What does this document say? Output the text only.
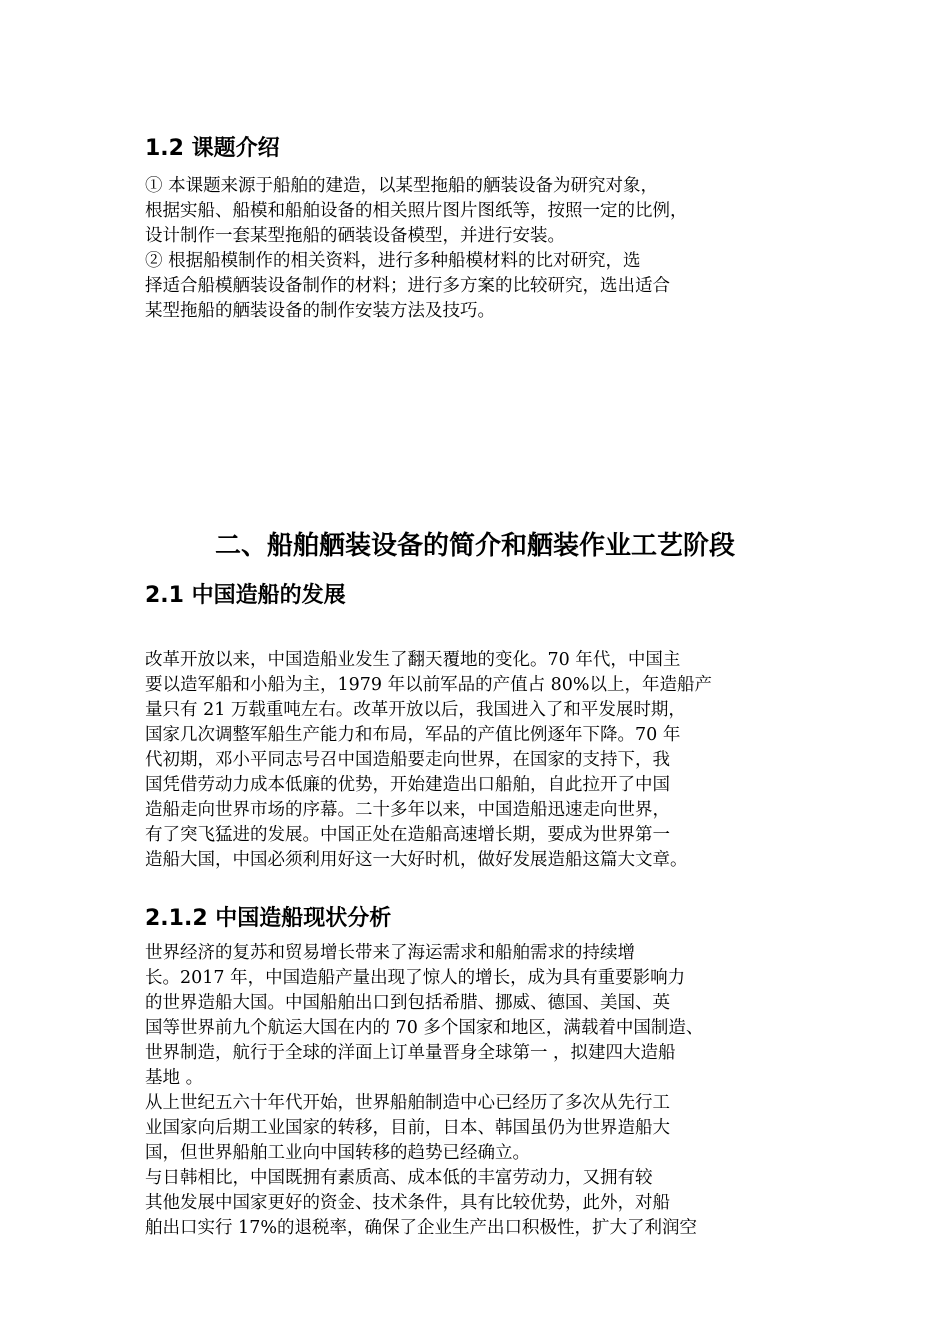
1.2 课题介绍
① 本课题来源于船舶的建造，以某型拖船的舾装设备为研究对象，
根据实船、船模和船舶设备的相关照片图片图纸等，按照一定的比例，
设计制作一套某型拖船的硒装设备模型，并进行安装。
② 根据船模制作的相关资料，进行多种船模材料的比对研究，选
择适合船模舾装设备制作的材料；进行多方案的比较研究，选出适合
某型拖船的舾装设备的制作安装方法及技巧。
二、船舶舾装设备的简介和舾装作业工艺阶段
2.1 中国造船的发展
改革开放以来，中国造船业发生了翻天覆地的变化。70 年代，中国主
要以造军船和小船为主，1979 年以前军品的产值占 80%以上，年造船产
量只有 21 万载重吨左右。改革开放以后，我国进入了和平发展时期，
国家几次调整军船生产能力和布局，军品的产值比例逐年下降。70 年
代初期，邓小平同志号召中国造船要走向世界，在国家的支持下，我
国凭借劳动力成本低廉的优势，开始建造出口船舶，自此拉开了中国
造船走向世界市场的序幕。二十多年以来，中国造船迅速走向世界，
有了突飞猛进的发展。中国正处在造船高速增长期，要成为世界第一
造船大国，中国必须利用好这一大好时机，做好发展造船这篇大文章。
2.1.2 中国造船现状分析
世界经济的复苏和贸易增长带来了海运需求和船舶需求的持续增
长。2017 年，中国造船产量出现了惊人的增长，成为具有重要影响力
的世界造船大国。中国船舶出口到包括希腊、挪威、德国、美国、英
国等世界前九个航运大国在内的 70 多个国家和地区，满载着中国制造、
世界制造，航行于全球的洋面上订单量晋身全球第一 ，拟建四大造船
基地 。
从上世纪五六十年代开始，世界船舶制造中心已经历了多次从先行工
业国家向后期工业国家的转移，目前，日本、韩国虽仍为世界造船大
国，但世界船舶工业向中国转移的趋势已经确立。
与日韩相比，中国既拥有素质高、成本低的丰富劳动力，又拥有较
其他发展中国家更好的资金、技术条件，具有比较优势，此外，对船
舶出口实行 17%的退税率，确保了企业生产出口积极性，扩大了利润空
